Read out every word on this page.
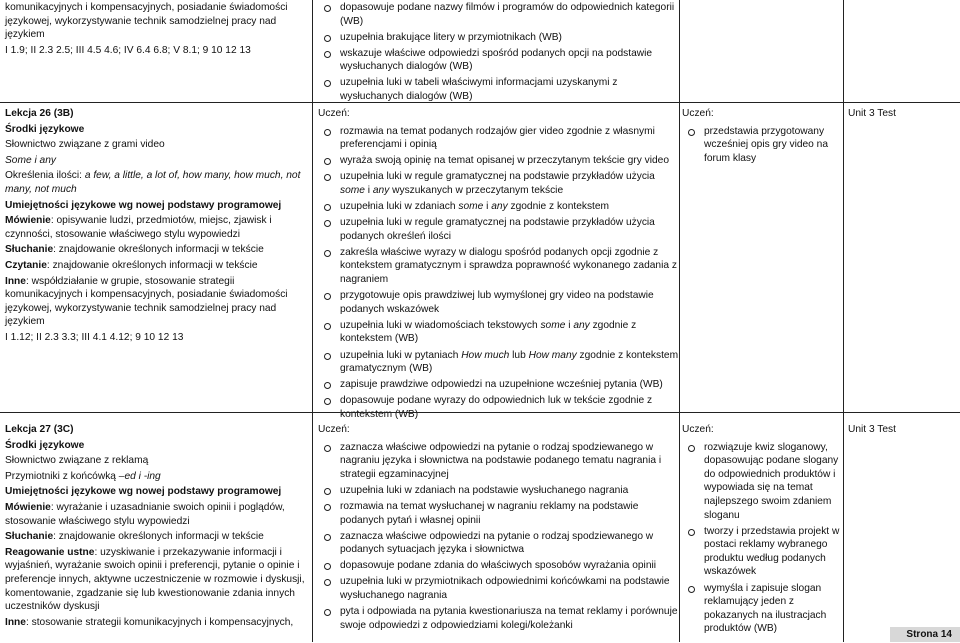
komunikacyjnych i kompensacyjnych, posiadanie świadomości językowej, wykorzystywanie technik samodzielnej pracy nad językiem
I 1.9; II 2.3 2.5; III 4.5 4.6; IV 6.4 6.8; V 8.1; 9 10 12 13
dopasowuje podane nazwy filmów i programów do odpowiednich kategorii (WB)
uzupełnia brakujące litery w przymiotnikach (WB)
wskazuje właściwe odpowiedzi spośród podanych opcji na podstawie wysłuchanych dialogów (WB)
uzupełnia luki w tabeli właściwymi informacjami uzyskanymi z wysłuchanych dialogów (WB)
Lekcja 26 (3B)
Środki językowe
Słownictwo związane z grami video
Some i any
Określenia ilości: a few, a little, a lot of, how many, how much, not many, not much
Umiejętności językowe wg nowej podstawy programowej
Mówienie: opisywanie ludzi, przedmiotów, miejsc, zjawisk i czynności, stosowanie właściwego stylu wypowiedzi
Słuchanie: znajdowanie określonych informacji w tekście
Czytanie: znajdowanie określonych informacji w tekście
Inne: współdziałanie w grupie, stosowanie strategii komunikacyjnych i kompensacyjnych, posiadanie świadomości językowej, wykorzystywanie technik samodzielnej pracy nad językiem
I 1.12; II 2.3 3.3; III 4.1 4.12; 9 10 12 13
Uczeń:
rozmawia na temat podanych rodzajów gier video zgodnie z własnymi preferencjami i opinią
wyraża swoją opinię na temat opisanej w przeczytanym tekście gry video
uzupełnia luki w regule gramatycznej na podstawie przykładów użycia some i any wyszukanych w przeczytanym tekście
uzupełnia luki w zdaniach some i any zgodnie z kontekstem
uzupełnia luki w regule gramatycznej na podstawie przykładów użycia podanych określeń ilości
zakreśla właściwe wyrazy w dialogu spośród podanych opcji zgodnie z kontekstem gramatycznym i sprawdza poprawność wykonanego zadania z nagraniem
przygotowuje opis prawdziwej lub wymyślonej gry video na podstawie podanych wskazówek
uzupełnia luki w wiadomościach tekstowych some i any zgodnie z kontekstem (WB)
uzupełnia luki w pytaniach How much lub How many zgodnie z kontekstem gramatycznym (WB)
zapisuje prawdziwe odpowiedzi na uzupełnione wcześniej pytania (WB)
dopasowuje podane wyrazy do odpowiednich luk w tekście zgodnie z kontekstem (WB)
Uczeń:
przedstawia przygotowany wcześniej opis gry video na forum klasy
Unit 3 Test
Lekcja 27 (3C)
Środki językowe
Słownictwo związane z reklamą
Przymiotniki z końcówką –ed i -ing
Umiejętności językowe wg nowej podstawy programowej
Mówienie: wyrażanie i uzasadnianie swoich opinii i poglądów, stosowanie właściwego stylu wypowiedzi
Słuchanie: znajdowanie określonych informacji w tekście
Reagowanie ustne: uzyskiwanie i przekazywanie informacji i wyjaśnień, wyrażanie swoich opinii i preferencji, pytanie o opinie i preferencje innych, aktywne uczestniczenie w rozmowie i dyskusji, komentowanie, zgadzanie się lub kwestionowanie zdania innych uczestników dyskusji
Inne: stosowanie strategii komunikacyjnych i kompensacyjnych,
Uczeń:
zaznacza właściwe odpowiedzi na pytanie o rodzaj spodziewanego w nagraniu języka i słownictwa na podstawie podanego tematu nagrania i strategii egzaminacyjnej
uzupełnia luki w zdaniach na podstawie wysłuchanego nagrania
rozmawia na temat wysłuchanej w nagraniu reklamy na podstawie podanych pytań i własnej opinii
zaznacza właściwe odpowiedzi na pytanie o rodzaj spodziewanego w podanych sytuacjach języka i słownictwa
dopasowuje podane zdania do właściwych sposobów wyrażania opinii
uzupełnia luki w przymiotnikach odpowiednimi końcówkami na podstawie wysłuchanego nagrania
pyta i odpowiada na pytania kwestionariusza na temat reklamy i porównuje swoje odpowiedzi z odpowiedziami kolegi/koleżanki
Uczeń:
rozwiązuje kwiz sloganowy, dopasowując podane slogany do odpowiednich produktów i wypowiada się na temat najlepszego swoim zdaniem sloganu
tworzy i przedstawia projekt w postaci reklamy wybranego produktu według podanych wskazówek
wymyśla i zapisuje slogan reklamujący jeden z pokazanych na ilustracjach produktów (WB)
Unit 3 Test
Strona 14
